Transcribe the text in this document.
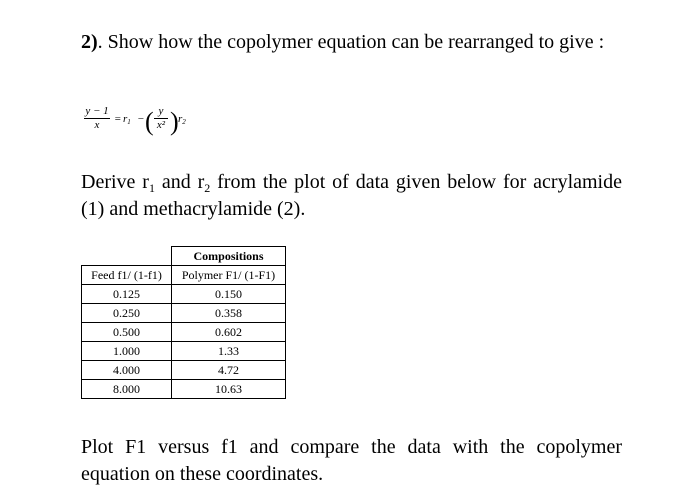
2). Show how the copolymer equation can be rearranged to give :

$\frac{y - 1}{x} = r_1$ − ( $\frac{y}{\text{x²}}$ ) $r_2$

Derive $r_1$ and $r_2$ from the plot of data given below for acrylamide (1) and methacrylamide (2).

	Compositions
Feed f1/ (1-f1)	Polymer F1/ (1-F1)
0.125	0.150
0.250	0.358
0.500	0.602
1.000	1.33
4.000	4.72
8.000	10.63

Plot F1 versus f1 and compare the data with the copolymer equation on these coordinates.
